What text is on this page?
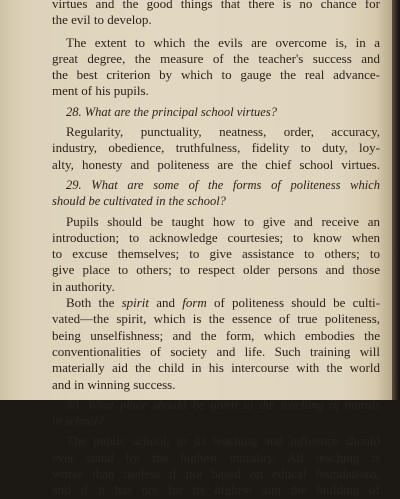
virtues and the good things that there is no chance for
the evil to develop.
The extent to which the evils are overcome is, in a
great degree, the measure of the teacher's success and
the best criterion by which to gauge the real advance-
ment of his pupils.
28. What are the principal school virtues?
Regularity, punctuality, neatness, order, accuracy,
industry, obedience, truthfulness, fidelity to duty, loy-
alty, honesty and politeness are the chief school virtues.
29. What are some of the forms of politeness which
should be cultivated in the school?
Pupils should be taught how to give and receive an
introduction; to acknowledge courtesies; to know when
to excuse themselves; to give assistance to others; to
give place to others; to respect older persons and those
in authority.
Both the spirit and form of politeness should be culti-
vated—the spirit, which is the essence of true politeness,
being unselfishness; and the form, which embodies the
conventionalities of society and life. Such training will
materially aid the child in his intercourse with the world
and in winning success.
30. What place should be given to the teaching of morals
in school?
The public school, in its teaching and influence should
ever stand for the highest morality. All teaching is
worse than useless if not based on ethical foundations,
and if it has not for its highest aim the building of
